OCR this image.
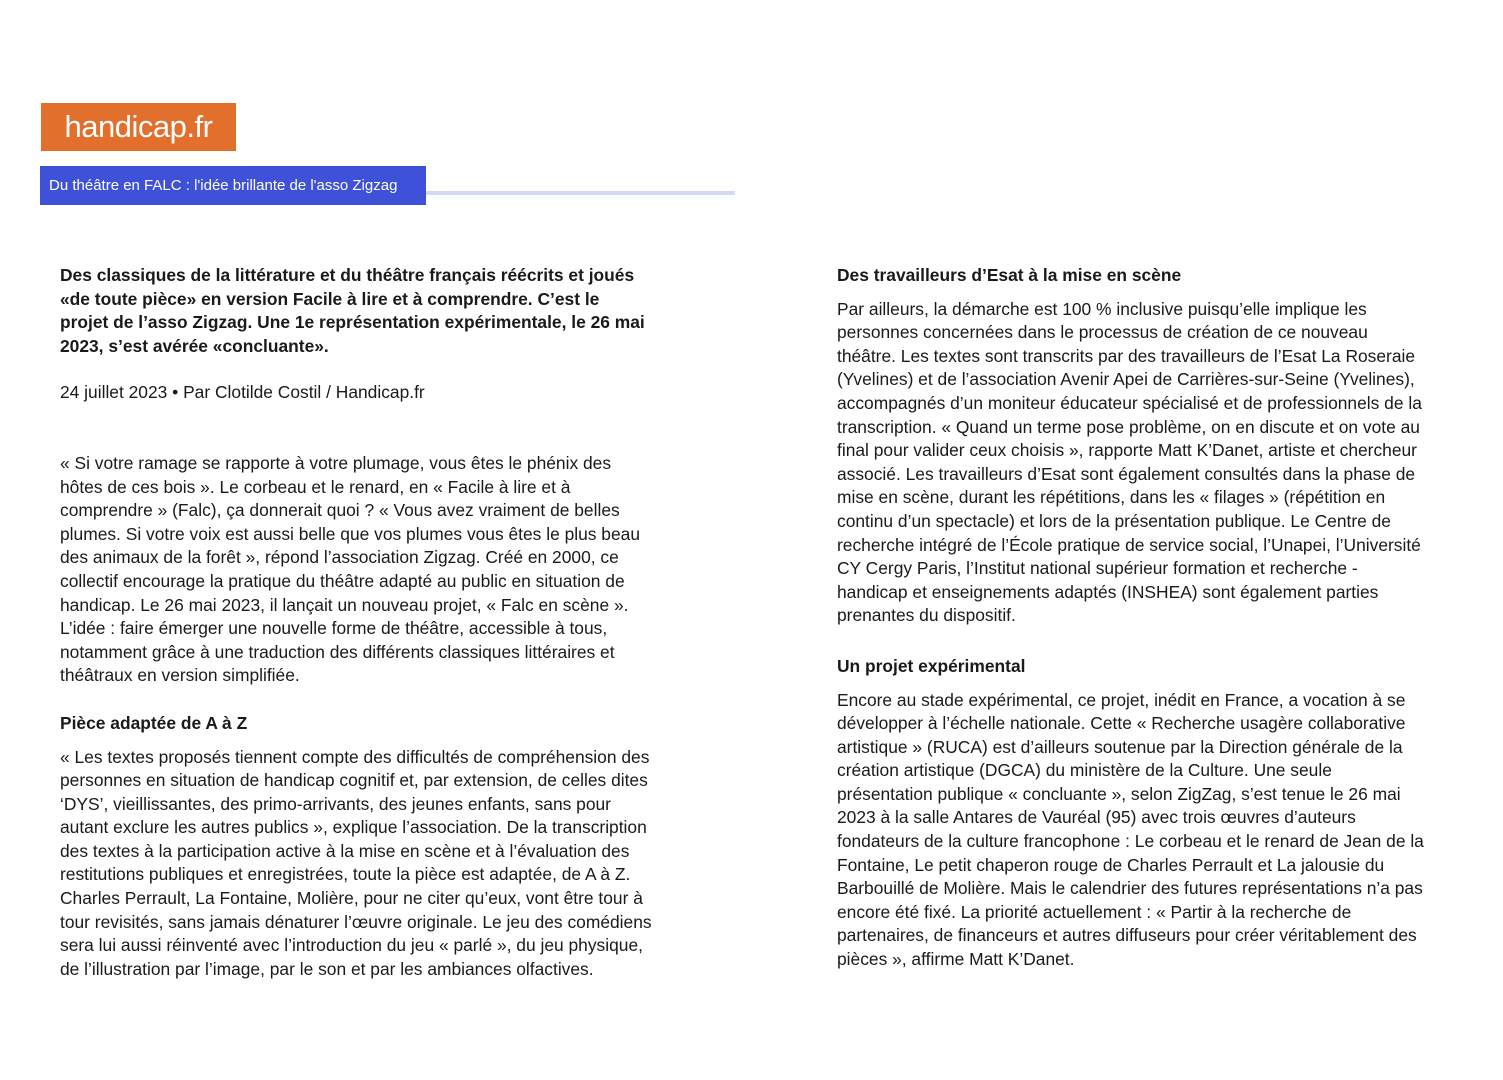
handicap.fr
Du théâtre en FALC : l'idée brillante de l'asso Zigzag

Des classiques de la littérature et du théâtre français réécrits et joués «de toute pièce» en version Facile à lire et à comprendre. C’est le projet de l’asso Zigzag. Une 1e représentation expérimentale, le 26 mai 2023, s’est avérée «concluante».

24 juillet 2023 • Par Clotilde Costil / Handicap.fr

« Si votre ramage se rapporte à votre plumage, vous êtes le phénix des hôtes de ces bois ». Le corbeau et le renard, en « Facile à lire et à comprendre » (Falc), ça donnerait quoi ? « Vous avez vraiment de belles plumes. Si votre voix est aussi belle que vos plumes vous êtes le plus beau des animaux de la forêt », répond l’association Zigzag. Créé en 2000, ce collectif encourage la pratique du théâtre adapté au public en situation de handicap. Le 26 mai 2023, il lançait un nouveau projet, « Falc en scène ». L’idée : faire émerger une nouvelle forme de théâtre, accessible à tous, notamment grâce à une traduction des différents classiques littéraires et théâtraux en version simplifiée.

Pièce adaptée de A à Z

« Les textes proposés tiennent compte des difficultés de compréhension des personnes en situation de handicap cognitif et, par extension, de celles dites ‘DYS’, vieillissantes, des primo-arrivants, des jeunes enfants, sans pour autant exclure les autres publics », explique l’association. De la transcription des textes à la participation active à la mise en scène et à l’évaluation des restitutions publiques et enregistrées, toute la pièce est adaptée, de A à Z. Charles Perrault, La Fontaine, Molière, pour ne citer qu’eux, vont être tour à tour revisités, sans jamais dénaturer l’œuvre originale. Le jeu des comédiens sera lui aussi réinventé avec l’introduction du jeu « parlé », du jeu physique, de l’illustration par l’image, par le son et par les ambiances olfactives.

Des travailleurs d’Esat à la mise en scène

Par ailleurs, la démarche est 100 % inclusive puisqu’elle implique les personnes concernées dans le processus de création de ce nouveau théâtre. Les textes sont transcrits par des travailleurs de l’Esat La Roseraie (Yvelines) et de l’association Avenir Apei de Carrières-sur-Seine (Yvelines), accompagnés d’un moniteur éducateur spécialisé et de professionnels de la transcription. « Quand un terme pose problème, on en discute et on vote au final pour valider ceux choisis », rapporte Matt K’Danet, artiste et chercheur associé. Les travailleurs d’Esat sont également consultés dans la phase de mise en scène, durant les répétitions, dans les « filages » (répétition en continu d’un spectacle) et lors de la présentation publique. Le Centre de recherche intégré de l’École pratique de service social, l’Unapei, l’Université CY Cergy Paris, l’Institut national supérieur formation et recherche - handicap et enseignements adaptés (INSHEA) sont également parties prenantes du dispositif.

Un projet expérimental

Encore au stade expérimental, ce projet, inédit en France, a vocation à se développer à l’échelle nationale. Cette « Recherche usagère collaborative artistique » (RUCA) est d’ailleurs soutenue par la Direction générale de la création artistique (DGCA) du ministère de la Culture. Une seule présentation publique « concluante », selon ZigZag, s’est tenue le 26 mai 2023 à la salle Antares de Vauréal (95) avec trois œuvres d’auteurs fondateurs de la culture francophone : Le corbeau et le renard de Jean de la Fontaine, Le petit chaperon rouge de Charles Perrault et La jalousie du Barbouillé de Molière. Mais le calendrier des futures représentations n’a pas encore été fixé. La priorité actuellement : « Partir à la recherche de partenaires, de financeurs et autres diffuseurs pour créer véritablement des pièces », affirme Matt K’Danet.
